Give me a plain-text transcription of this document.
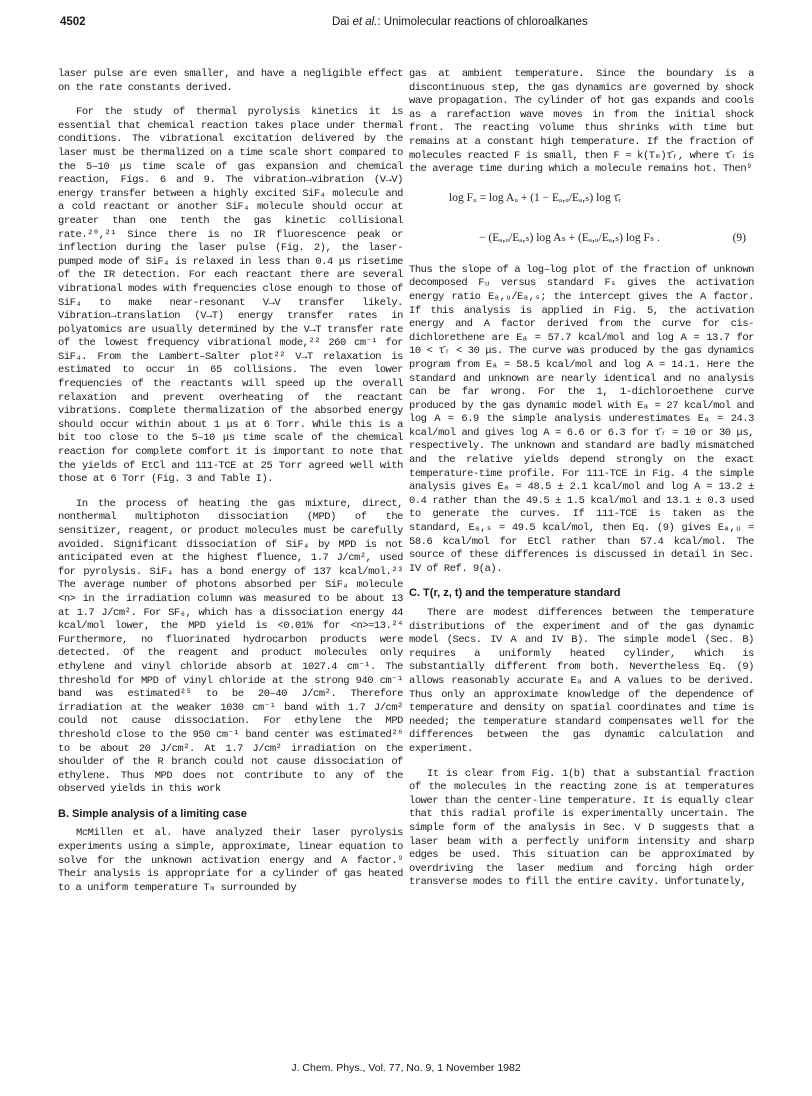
4502	Dai et al.: Unimolecular reactions of chloroalkanes

laser pulse are even smaller, and have a negligible effect on the rate constants derived.

For the study of thermal pyrolysis kinetics it is essential that chemical reaction takes place under thermal conditions. The vibrational excitation delivered by the laser must be thermalized on a time scale short compared to the 5–10 μs time scale of gas expansion and chemical reaction, Figs. 6 and 9. The vibration→vibration (V→V) energy transfer between a highly excited SiF₄ molecule and a cold reactant or another SiF₄ molecule should occur at greater than one tenth the gas kinetic collisional rate.²⁰,²¹ Since there is no IR fluorescence peak or inflection during the laser pulse (Fig. 2), the laser-pumped mode of SiF₄ is relaxed in less than 0.4 μs risetime of the IR detection. For each reactant there are several vibrational modes with frequencies close enough to those of SiF₄ to make near-resonant V→V transfer likely. Vibration→translation (V→T) energy transfer rates in polyatomics are usually determined by the V→T transfer rate of the lowest frequency vibrational mode,²² 260 cm⁻¹ for SiF₄. From the Lambert–Salter plot²² V→T relaxation is estimated to occur in 65 collisions. The even lower frequencies of the reactants will speed up the overall relaxation and prevent overheating of the reactant vibrations. Complete thermalization of the absorbed energy should occur within about 1 μs at 6 Torr. While this is a bit too close to the 5–10 μs time scale of the chemical reaction for complete comfort it is important to note that the yields of EtCl and 111-TCE at 25 Torr agreed well with those at 6 Torr (Fig. 3 and Table I).

In the process of heating the gas mixture, direct, nonthermal multiphoton dissociation (MPD) of the sensitizer, reagent, or product molecules must be carefully avoided. Significant dissociation of SiF₄ by MPD is not anticipated even at the highest fluence, 1.7 J/cm², used for pyrolysis. SiF₄ has a bond energy of 137 kcal/mol.²³ The average number of photons absorbed per SiF₄ molecule <n> in the irradiation column was measured to be about 13 at 1.7 J/cm². For SF₆, which has a dissociation energy 44 kcal/mol lower, the MPD yield is <0.01% for <n>≈13.²⁴ Furthermore, no fluorinated hydrocarbon products were detected. Of the reagent and product molecules only ethylene and vinyl chloride absorb at 1027.4 cm⁻¹. The threshold for MPD of vinyl chloride at the strong 940 cm⁻¹ band was estimated²⁵ to be 20–40 J/cm². Therefore irradiation at the weaker 1030 cm⁻¹ band with 1.7 J/cm² could not cause dissociation. For ethylene the MPD threshold close to the 950 cm⁻¹ band center was estimated²⁶ to be about 20 J/cm². At 1.7 J/cm² irradiation on the shoulder of the R branch could not cause dissociation of ethylene. Thus MPD does not contribute to any of the observed yields in this work

B. Simple analysis of a limiting case

McMillen et al. have analyzed their laser pyrolysis experiments using a simple, approximate, linear equation to solve for the unknown activation energy and A factor.⁹ Their analysis is appropriate for a cylinder of gas heated to a uniform temperature Tₘ surrounded by

gas at ambient temperature. Since the boundary is a discontinuous step, the gas dynamics are governed by shock wave propagation. The cylinder of hot gas expands and cools as a rarefaction wave moves in from the initial shock front. The reacting volume thus shrinks with time but remains at a constant high temperature. If the fraction of molecules reacted F is small, then F ≈ k(Tₘ)τ̄ᵣ, where τ̄ᵣ is the average time during which a molecule remains hot. Then⁹

log Fᵤ = log Aᵤ + (1 − Eₐ,ᵤ/Eₐ,ₛ) log τ̄ᵣ
− (Eₐ,ᵤ/Eₐ,ₛ) log Aₛ + (Eₐ,ᵤ/Eₐ,ₛ) log Fₛ .	(9)

Thus the slope of a log–log plot of the fraction of unknown decomposed Fᵤ versus standard Fₛ gives the activation energy ratio Eₐ,ᵤ/Eₐ,ₛ; the intercept gives the A factor. If this analysis is applied in Fig. 5, the activation energy and A factor derived from the curve for cis-dichlorethene are Eₐ = 57.7 kcal/mol and log A = 13.7 for 10 < τ̄ᵣ < 30 μs. The curve was produced by the gas dynamics program from Eₐ = 58.5 kcal/mol and log A = 14.1. Here the standard and unknown are nearly identical and no analysis can be far wrong. For the 1, 1-dichloroethene curve produced by the gas dynamic model with Eₐ = 27 kcal/mol and log A = 6.9 the simple analysis underestimates Eₐ = 24.3 kcal/mol and gives log A = 6.6 or 6.3 for τ̄ᵣ = 10 or 30 μs, respectively. The unknown and standard are badly mismatched and the relative yields depend strongly on the exact temperature-time profile. For 111-TCE in Fig. 4 the simple analysis gives Eₐ = 48.5 ± 2.1 kcal/mol and log A = 13.2 ± 0.4 rather than the 49.5 ± 1.5 kcal/mol and 13.1 ± 0.3 used to generate the curves. If 111-TCE is taken as the standard, Eₐ,ₛ = 49.5 kcal/mol, then Eq. (9) gives Eₐ,ᵤ = 58.6 kcal/mol for EtCl rather than 57.4 kcal/mol. The source of these differences is discussed in detail in Sec. IV of Ref. 9(a).

C. T(r, z, t) and the temperature standard

There are modest differences between the temperature distributions of the experiment and of the gas dynamic model (Secs. IV A and IV B). The simple model (Sec. B) requires a uniformly heated cylinder, which is substantially different from both. Nevertheless Eq. (9) allows reasonably accurate Eₐ and A values to be derived. Thus only an approximate knowledge of the dependence of temperature and density on spatial coordinates and time is needed; the temperature standard compensates well for the differences between the gas dynamic calculation and experiment.

It is clear from Fig. 1(b) that a substantial fraction of the molecules in the reacting zone is at temperatures lower than the center-line temperature. It is equally clear that this radial profile is experimentally uncertain. The simple form of the analysis in Sec. V D suggests that a laser beam with a perfectly uniform intensity and sharp edges be used. This situation can be approximated by overdriving the laser medium and forcing high order transverse modes to fill the entire cavity. Unfortunately,

J. Chem. Phys., Vol. 77, No. 9, 1 November 1982
